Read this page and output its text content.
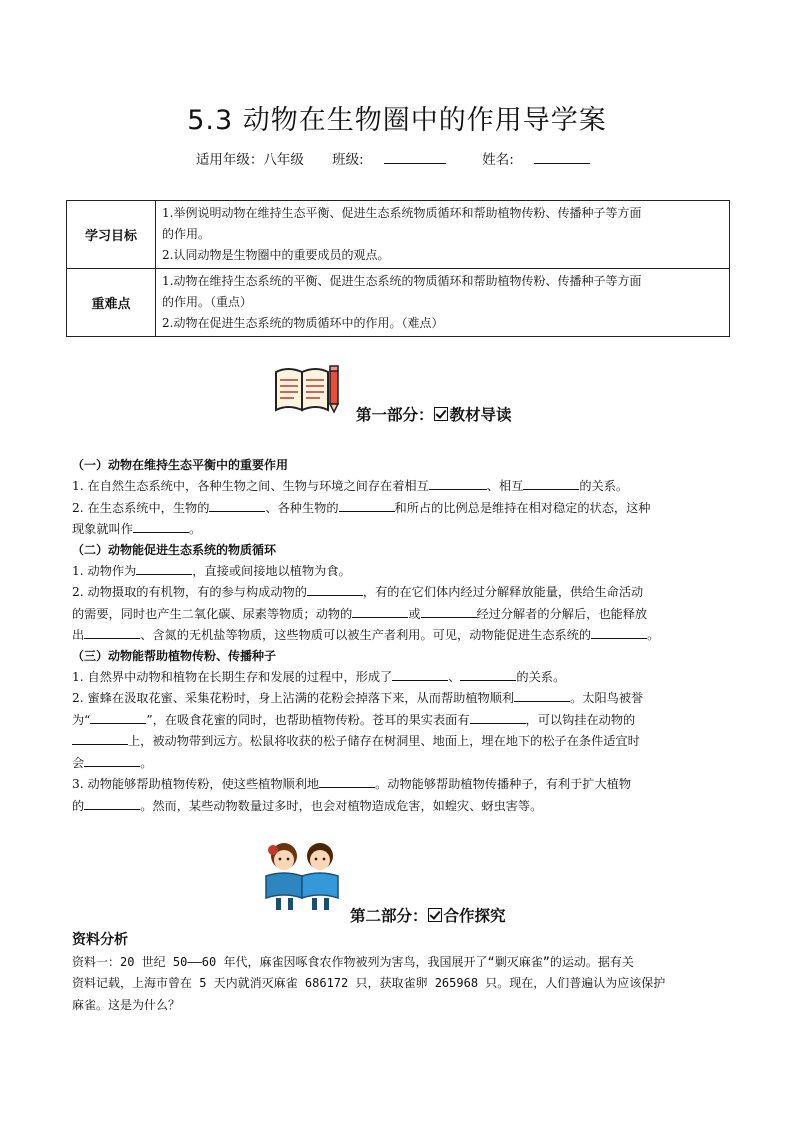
5.3 动物在生物圈中的作用导学案
适用年级：八年级 班级:	姓名:
学习目标	1.举例说明动物在维持生态平衡、促进生态系统物质循环和帮助植物传粉、传播种子等方面
的作用。
2.认同动物是生物圈中的重要成员的观点。

重难点	1.动物在维持生态系统的平衡、促进生态系统的物质循环和帮助植物传粉、传播种子等方面
的作用。（重点）
2.动物在促进生态系统的物质循环中的作用。（难点）
第一部分： 教材导读

（一）动物在维持生态平衡中的重要作用

1. 在自然生态系统中，各种生物之间、生物与环境之间存在着相互	、相互	的关系。

2. 在生态系统中，生物的	、各种生物的	和所占的比例总是维持在相对稳定的状态，这种

现象就叫作	。

（二）动物能促进生态系统的物质循环

1. 动物作为	，直接或间接地以植物为食。

2. 动物摄取的有机物，有的参与构成动物的	，有的在它们体内经过分解释放能量，供给生命活动

的需要，同时也产生二氧化碳、尿素等物质；动物的	或	经过分解者的分解后，也能释放

出	、含氮的无机盐等物质，这些物质可以被生产者利用。可见，动物能促进生态系统的	。

（三）动物能帮助植物传粉、传播种子

1. 自然界中动物和植物在长期生存和发展的过程中，形成了	、	的关系。

2. 蜜蜂在汲取花蜜、采集花粉时，身上沾满的花粉会掉落下来，从而帮助植物顺利	。太阳鸟被誉

为“	”，在吸食花蜜的同时，也帮助植物传粉。苍耳的果实表面有	，可以钩挂在动物的

上，被动物带到远方。松鼠将收获的松子储存在树洞里、地面上，埋在地下的松子在条件适宜时

会	。

3. 动物能够帮助植物传粉，使这些植物顺利地	。动物能够帮助植物传播种子，有利于扩大植物

的	。然而，某些动物数量过多时，也会对植物造成危害，如蝗灾、蚜虫害等。

第二部分： 合作探究

资料分析

资料一：20 世纪 50——60 年代，麻雀因啄食农作物被列为害鸟，我国展开了“剿灭麻雀”的运动。据有关

资料记载，上海市曾在 5 天内就消灭麻雀 686172 只，获取雀卵 265968 只。现在，人们普遍认为应该保护

麻雀。这是为什么？
